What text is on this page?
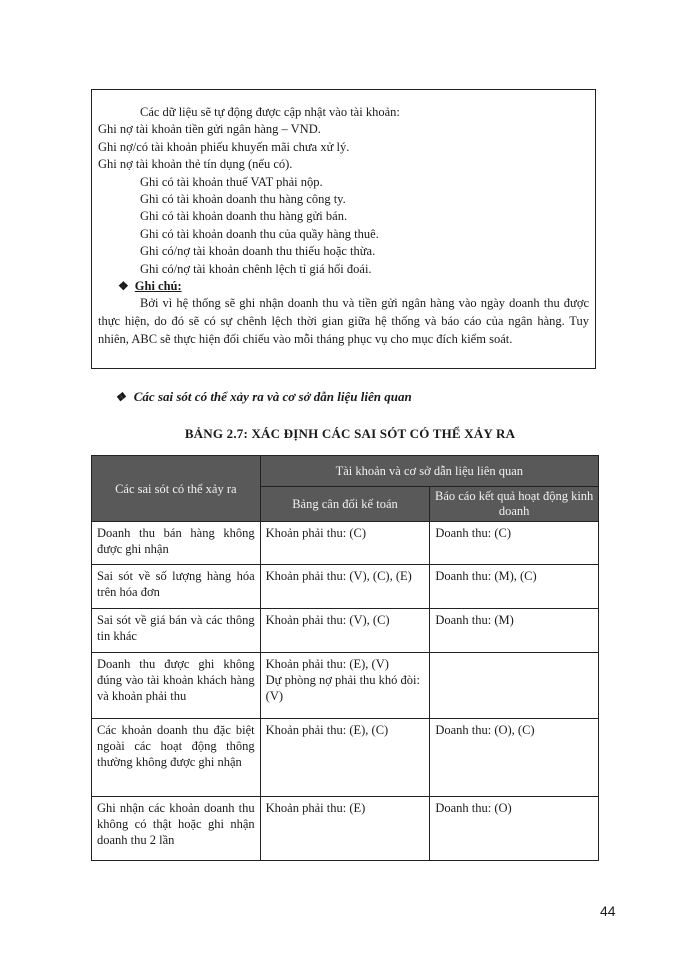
Các dữ liệu sẽ tự động được cập nhật vào tài khoản:
Ghi nợ tài khoản tiền gửi ngân hàng – VND.
Ghi nợ/có tài khoản phiếu khuyến mãi chưa xử lý.
Ghi nợ tài khoản thẻ tín dụng (nếu có).
Ghi có tài khoản thuế VAT phải nộp.
Ghi có tài khoản doanh thu hàng công ty.
Ghi có tài khoản doanh thu hàng gửi bán.
Ghi có tài khoản doanh thu của quầy hàng thuê.
Ghi có/nợ tài khoản doanh thu thiếu hoặc thừa.
Ghi có/nợ tài khoản chênh lệch tỉ giá hối đoái.
❖ Ghi chú:
Bởi vì hệ thống sẽ ghi nhận doanh thu và tiền gửi ngân hàng vào ngày doanh thu được thực hiện, do đó sẽ có sự chênh lệch thời gian giữa hệ thống và báo cáo của ngân hàng. Tuy nhiên, ABC sẽ thực hiện đối chiếu vào mỗi tháng phục vụ cho mục đích kiểm soát.
❖ Các sai sót có thể xảy ra và cơ sở dẫn liệu liên quan
BẢNG 2.7: XÁC ĐỊNH CÁC SAI SÓT CÓ THỂ XẢY RA
Các sai sót có thể xảy ra	Tài khoản và cơ sở dẫn liệu liên quan	
	Bảng cân đối kế toán	Báo cáo kết quả hoạt động kinh doanh
Doanh thu bán hàng không được ghi nhận	Khoản phải thu: (C)	Doanh thu: (C)
Sai sót về số lượng hàng hóa trên hóa đơn	Khoản phải thu: (V), (C), (E)	Doanh thu: (M), (C)
Sai sót về giá bán và các thông tin khác	Khoản phải thu: (V), (C)	Doanh thu: (M)
Doanh thu được ghi không đúng vào tài khoản khách hàng và khoản phải thu	Khoản phải thu: (E), (V)
Dự phòng nợ phải thu khó đòi: (V)	
Các khoản doanh thu đặc biệt ngoài các hoạt động thông thường không được ghi nhận	Khoản phải thu: (E), (C)	Doanh thu: (O), (C)
Ghi nhận các khoản doanh thu không có thật hoặc ghi nhận doanh thu 2 lần	Khoản phải thu: (E)	Doanh thu: (O)
44
